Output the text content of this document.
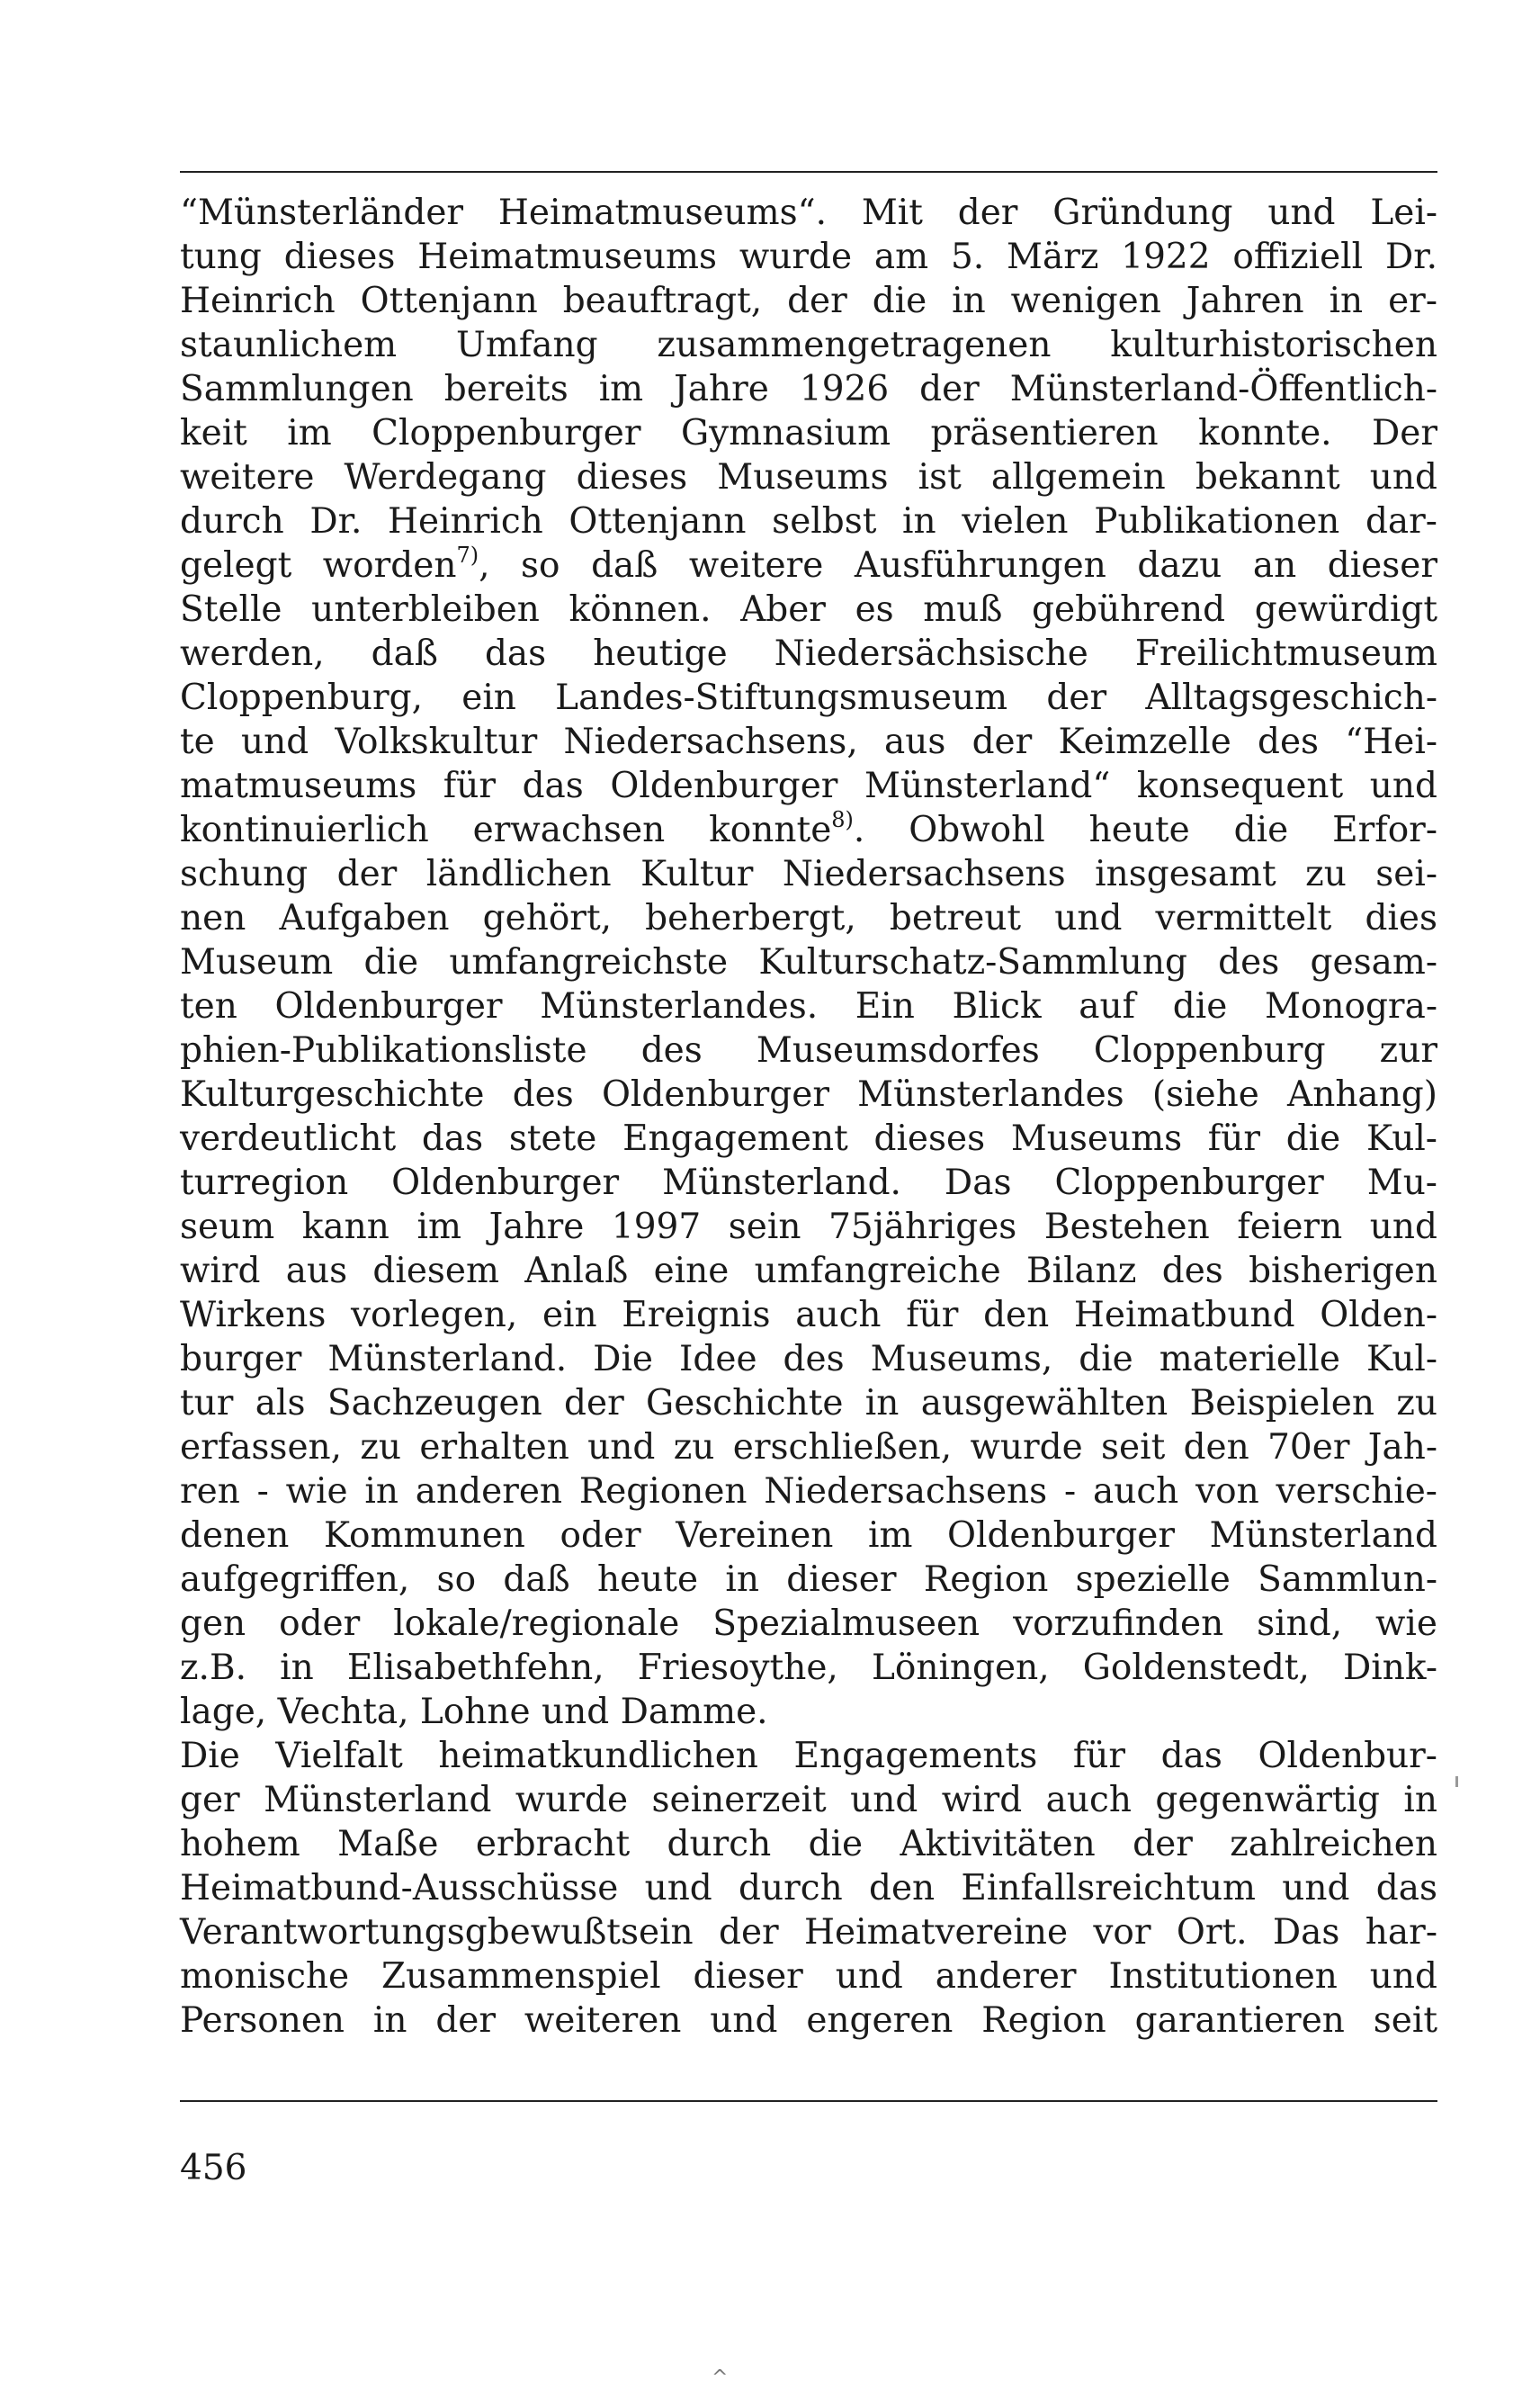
“Münsterländer Heimatmuseums“. Mit der Gründung und Lei-
tung dieses Heimatmuseums wurde am 5. März 1922 offiziell Dr.
Heinrich Ottenjann beauftragt, der die in wenigen Jahren in er-
staunlichem Umfang zusammengetragenen kulturhistorischen
Sammlungen bereits im Jahre 1926 der Münsterland-Öffentlich-
keit im Cloppenburger Gymnasium präsentieren konnte. Der
weitere Werdegang dieses Museums ist allgemein bekannt und
durch Dr. Heinrich Ottenjann selbst in vielen Publikationen dar-
gelegt worden$^{7)}$, so daß weitere Ausführungen dazu an dieser
Stelle unterbleiben können. Aber es muß gebührend gewürdigt
werden, daß das heutige Niedersächsische Freilichtmuseum
Cloppenburg, ein Landes-Stiftungsmuseum der Alltagsgeschich-
te und Volkskultur Niedersachsens, aus der Keimzelle des “Hei-
matmuseums für das Oldenburger Münsterland“ konsequent und
kontinuierlich erwachsen konnte$^{8)}$. Obwohl heute die Erfor-
schung der ländlichen Kultur Niedersachsens insgesamt zu sei-
nen Aufgaben gehört, beherbergt, betreut und vermittelt dies
Museum die umfangreichste Kulturschatz-Sammlung des gesam-
ten Oldenburger Münsterlandes. Ein Blick auf die Monogra-
phien-Publikationsliste des Museumsdorfes Cloppenburg zur
Kulturgeschichte des Oldenburger Münsterlandes (siehe Anhang)
verdeutlicht das stete Engagement dieses Museums für die Kul-
turregion Oldenburger Münsterland. Das Cloppenburger Mu-
seum kann im Jahre 1997 sein 75jähriges Bestehen feiern und
wird aus diesem Anlaß eine umfangreiche Bilanz des bisherigen
Wirkens vorlegen, ein Ereignis auch für den Heimatbund Olden-
burger Münsterland. Die Idee des Museums, die materielle Kul-
tur als Sachzeugen der Geschichte in ausgewählten Beispielen zu
erfassen, zu erhalten und zu erschließen, wurde seit den 70er Jah-
ren - wie in anderen Regionen Niedersachsens - auch von verschie-
denen Kommunen oder Vereinen im Oldenburger Münsterland
aufgegriffen, so daß heute in dieser Region spezielle Sammlun-
gen oder lokale/regionale Spezialmuseen vorzufinden sind, wie
z.B. in Elisabethfehn, Friesoythe, Löningen, Goldenstedt, Dink-
lage, Vechta, Lohne und Damme.
Die Vielfalt heimatkundlichen Engagements für das Oldenbur-
ger Münsterland wurde seinerzeit und wird auch gegenwärtig in
hohem Maße erbracht durch die Aktivitäten der zahlreichen
Heimatbund-Ausschüsse und durch den Einfallsreichtum und das
Verantwortungsgbewußtsein der Heimatvereine vor Ort. Das har-
monische Zusammenspiel dieser und anderer Institutionen und
Personen in der weiteren und engeren Region garantieren seit
456
^
